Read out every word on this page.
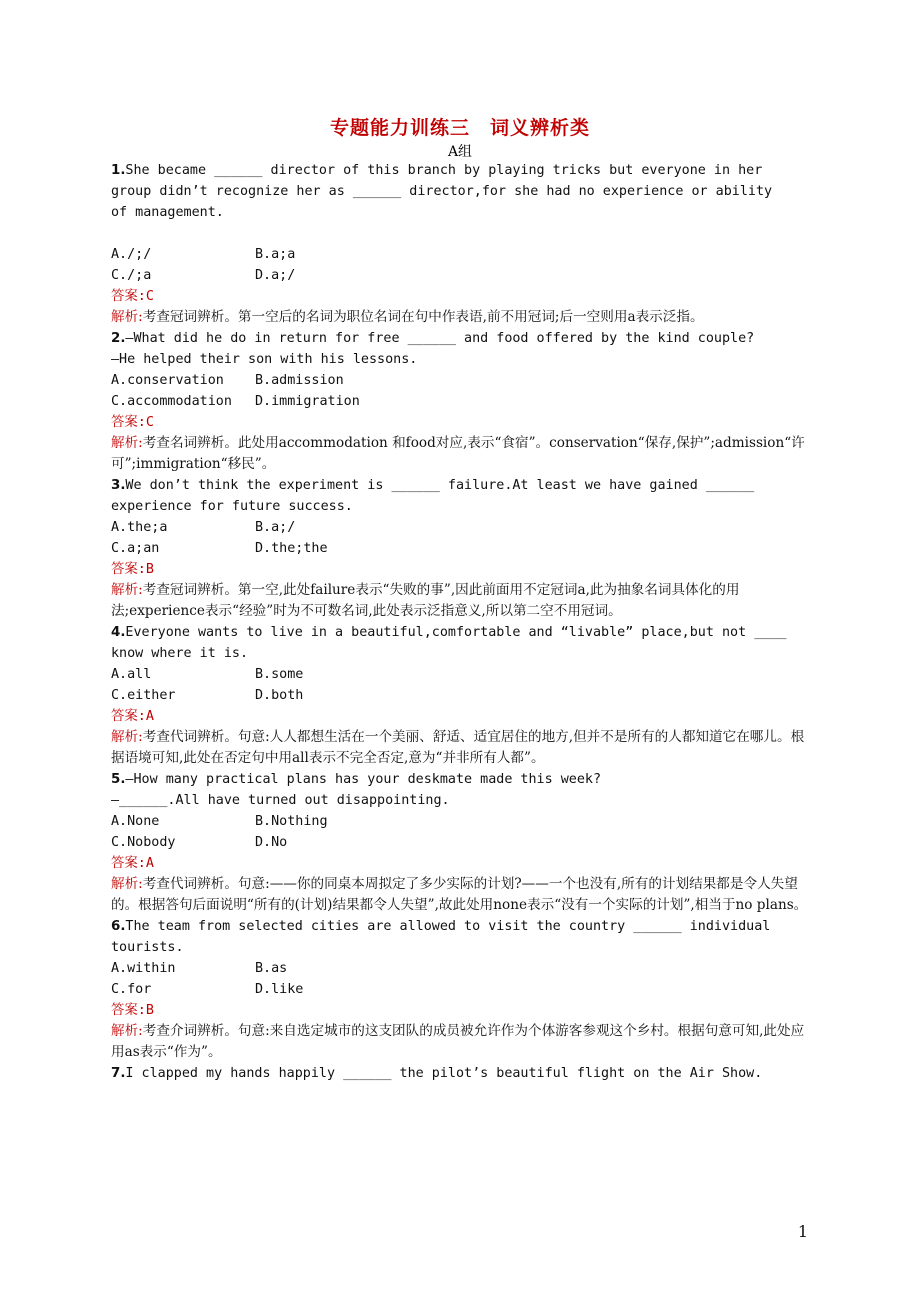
专题能力训练三　词义辨析类
A组
1.She became ______ director of this branch by playing tricks but everyone in her
group didn’t recognize her as ______ director,for she had no experience or ability
of management.
A./;/	B.a;a
C./;a	D.a;/
答案:C
解析:考查冠词辨析。第一空后的名词为职位名词在句中作表语,前不用冠词;后一空则用a表示泛指。
2.—What did he do in return for free ______ and food offered by the kind couple?
—He helped their son with his lessons.
A.conservation	B.admission
C.accommodation	D.immigration
答案:C
解析:考查名词辨析。此处用accommodation 和food对应,表示“食宿”。conservation“保存,保护”;admission“许可”;immigration“移民”。
3.We don’t think the experiment is ______ failure.At least we have gained ______
experience for future success.
A.the;a	B.a;/
C.a;an	D.the;the
答案:B
解析:考查冠词辨析。第一空,此处failure表示“失败的事”,因此前面用不定冠词a,此为抽象名词具体化的用法;experience表示“经验”时为不可数名词,此处表示泛指意义,所以第二空不用冠词。
4.Everyone wants to live in a beautiful,comfortable and “livable” place,but not ____
know where it is.
A.all	B.some
C.either	D.both
答案:A
解析:考查代词辨析。句意:人人都想生活在一个美丽、舒适、适宜居住的地方,但并不是所有的人都知道它在哪儿。根据语境可知,此处在否定句中用all表示不完全否定,意为“并非所有人都”。
5.—How many practical plans has your deskmate made this week?
—______.All have turned out disappointing.
A.None	B.Nothing
C.Nobody	D.No
答案:A
解析:考查代词辨析。句意:——你的同桌本周拟定了多少实际的计划?——一个也没有,所有的计划结果都是令人失望的。根据答句后面说明“所有的(计划)结果都令人失望”,故此处用none表示“没有一个实际的计划”,相当于no plans。
6.The team from selected cities are allowed to visit the country ______ individual
tourists.
A.within	B.as
C.for	D.like
答案:B
解析:考查介词辨析。句意:来自选定城市的这支团队的成员被允许作为个体游客参观这个乡村。根据句意可知,此处应用as表示“作为”。
7.I clapped my hands happily ______ the pilot’s beautiful flight on the Air Show.
1
